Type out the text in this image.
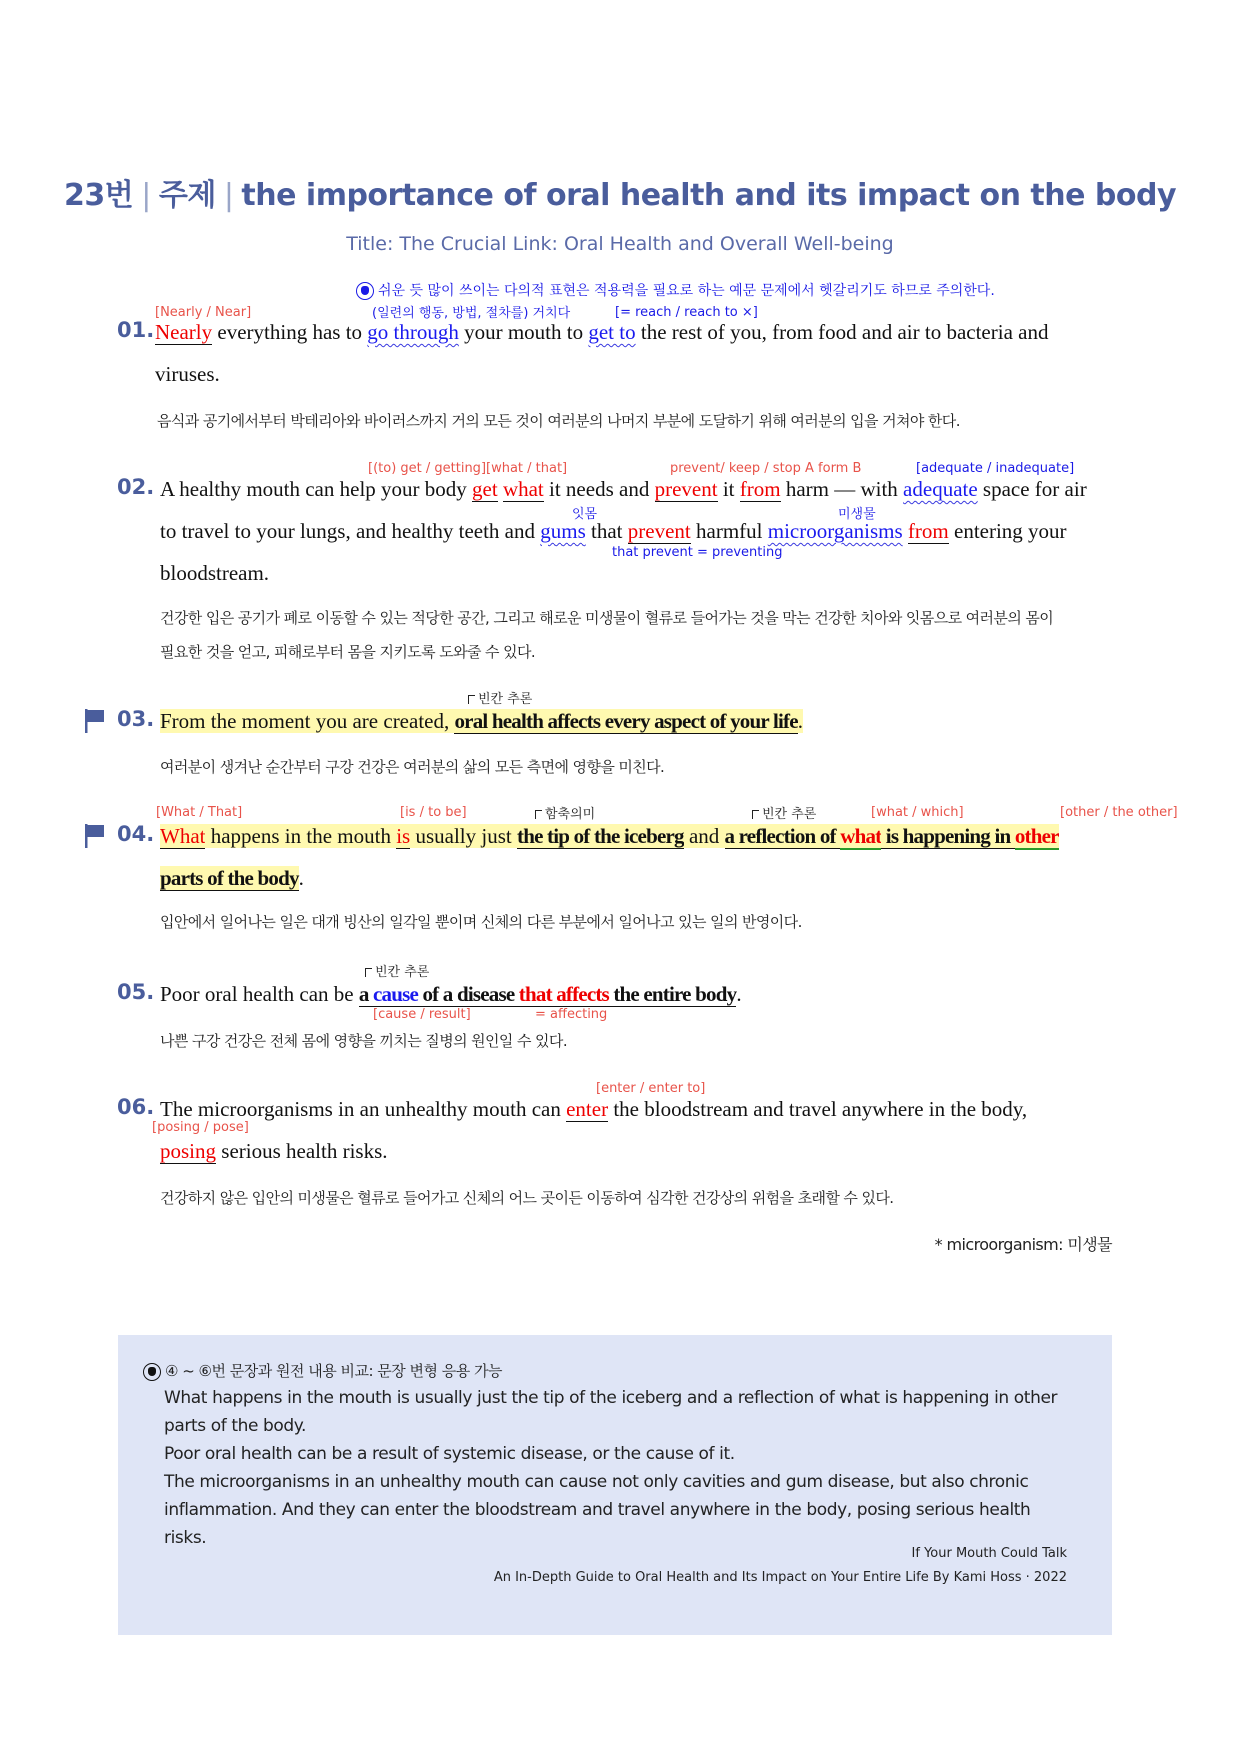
23번 | 주제 | the importance of oral health and its impact on the body
Title: The Crucial Link: Oral Health and Overall Well-being
쉬운 듯 많이 쓰이는 다의적 표현은 적용력을 필요로 하는 예문 문제에서 헷갈리기도 하므로 주의한다.
[Nearly / Near]	(일련의 행동, 방법, 절차를) 거치다	[= reach / reach to ×]
01. Nearly everything has to go through your mouth to get to the rest of you, from food and air to bacteria and
viruses.
음식과 공기에서부터 박테리아와 바이러스까지 거의 모든 것이 여러분의 나머지 부분에 도달하기 위해 여러분의 입을 거쳐야 한다.
[(to) get / getting][what / that]	prevent/ keep / stop A form B	[adequate / inadequate]
02. A healthy mouth can help your body get what it needs and prevent it from harm — with adequate space for air
잇몸	미생물
to travel to your lungs, and healthy teeth and gums that prevent harmful microorganisms from entering your
that prevent = preventing
bloodstream.
건강한 입은 공기가 폐로 이동할 수 있는 적당한 공간, 그리고 해로운 미생물이 혈류로 들어가는 것을 막는 건강한 치아와 잇몸으로 여러분의 몸이
필요한 것을 얻고, 피해로부터 몸을 지키도록 도와줄 수 있다.
빈칸 추론
03. From the moment you are created, oral health affects every aspect of your life.
여러분이 생겨난 순간부터 구강 건강은 여러분의 삶의 모든 측면에 영향을 미친다.
[What / That]	[is / to be]	함축의미	빈칸 추론	[what / which]	[other / the other]
04. What happens in the mouth is usually just the tip of the iceberg and a reflection of what is happening in other
parts of the body.
입안에서 일어나는 일은 대개 빙산의 일각일 뿐이며 신체의 다른 부분에서 일어나고 있는 일의 반영이다.
빈칸 추론
05. Poor oral health can be a cause of a disease that affects the entire body.
[cause / result]	= affecting
나쁜 구강 건강은 전체 몸에 영향을 끼치는 질병의 원인일 수 있다.
[enter / enter to]
06. The microorganisms in an unhealthy mouth can enter the bloodstream and travel anywhere in the body,
[posing / pose]
posing serious health risks.
건강하지 않은 입안의 미생물은 혈류로 들어가고 신체의 어느 곳이든 이동하여 심각한 건강상의 위험을 초래할 수 있다.
* microorganism: 미생물
④ ~ ⑥번 문장과 원전 내용 비교: 문장 변형 응용 가능
What happens in the mouth is usually just the tip of the iceberg and a reflection of what is happening in other
parts of the body.
Poor oral health can be a result of systemic disease, or the cause of it.
The microorganisms in an unhealthy mouth can cause not only cavities and gum disease, but also chronic
inflammation. And they can enter the bloodstream and travel anywhere in the body, posing serious health
risks.
If Your Mouth Could Talk
An In-Depth Guide to Oral Health and Its Impact on Your Entire Life By Kami Hoss · 2022
